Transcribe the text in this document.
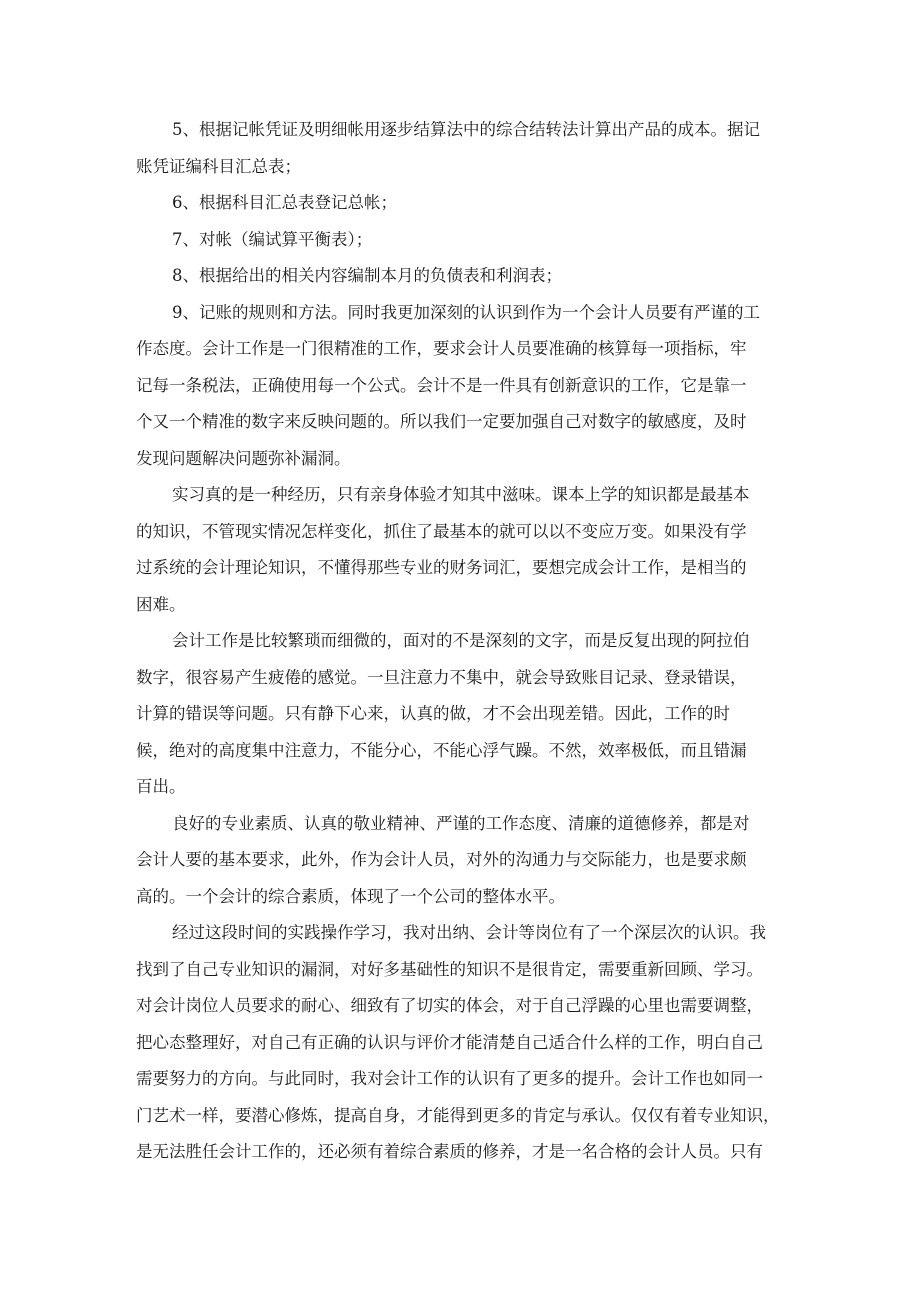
5、根据记帐凭证及明细帐用逐步结算法中的综合结转法计算出产品的成本。据记
账凭证编科目汇总表；
6、根据科目汇总表登记总帐；
7、对帐（编试算平衡表）；
8、根据给出的相关内容编制本月的负债表和利润表；
9、记账的规则和方法。同时我更加深刻的认识到作为一个会计人员要有严谨的工
作态度。会计工作是一门很精准的工作，要求会计人员要准确的核算每一项指标，牢
记每一条税法，正确使用每一个公式。会计不是一件具有创新意识的工作，它是靠一
个又一个精准的数字来反映问题的。所以我们一定要加强自己对数字的敏感度，及时
发现问题解决问题弥补漏洞。
实习真的是一种经历，只有亲身体验才知其中滋味。课本上学的知识都是最基本
的知识，不管现实情况怎样变化，抓住了最基本的就可以以不变应万变。如果没有学
过系统的会计理论知识，不懂得那些专业的财务词汇，要想完成会计工作，是相当的
困难。
会计工作是比较繁琐而细微的，面对的不是深刻的文字，而是反复出现的阿拉伯
数字，很容易产生疲倦的感觉。一旦注意力不集中，就会导致账目记录、登录错误，
计算的错误等问题。只有静下心来，认真的做，才不会出现差错。因此，工作的时
候，绝对的高度集中注意力，不能分心，不能心浮气躁。不然，效率极低，而且错漏
百出。
良好的专业素质、认真的敬业精神、严谨的工作态度、清廉的道德修养，都是对
会计人要的基本要求，此外，作为会计人员，对外的沟通力与交际能力，也是要求颇
高的。一个会计的综合素质，体现了一个公司的整体水平。
经过这段时间的实践操作学习，我对出纳、会计等岗位有了一个深层次的认识。我
找到了自己专业知识的漏洞，对好多基础性的知识不是很肯定，需要重新回顾、学习。
对会计岗位人员要求的耐心、细致有了切实的体会，对于自己浮躁的心里也需要调整，
把心态整理好，对自己有正确的认识与评价才能清楚自己适合什么样的工作，明白自己
需要努力的方向。与此同时，我对会计工作的认识有了更多的提升。会计工作也如同一
门艺术一样，要潜心修炼，提高自身，才能得到更多的肯定与承认。仅仅有着专业知识，
是无法胜任会计工作的，还必须有着综合素质的修养，才是一名合格的会计人员。只有
